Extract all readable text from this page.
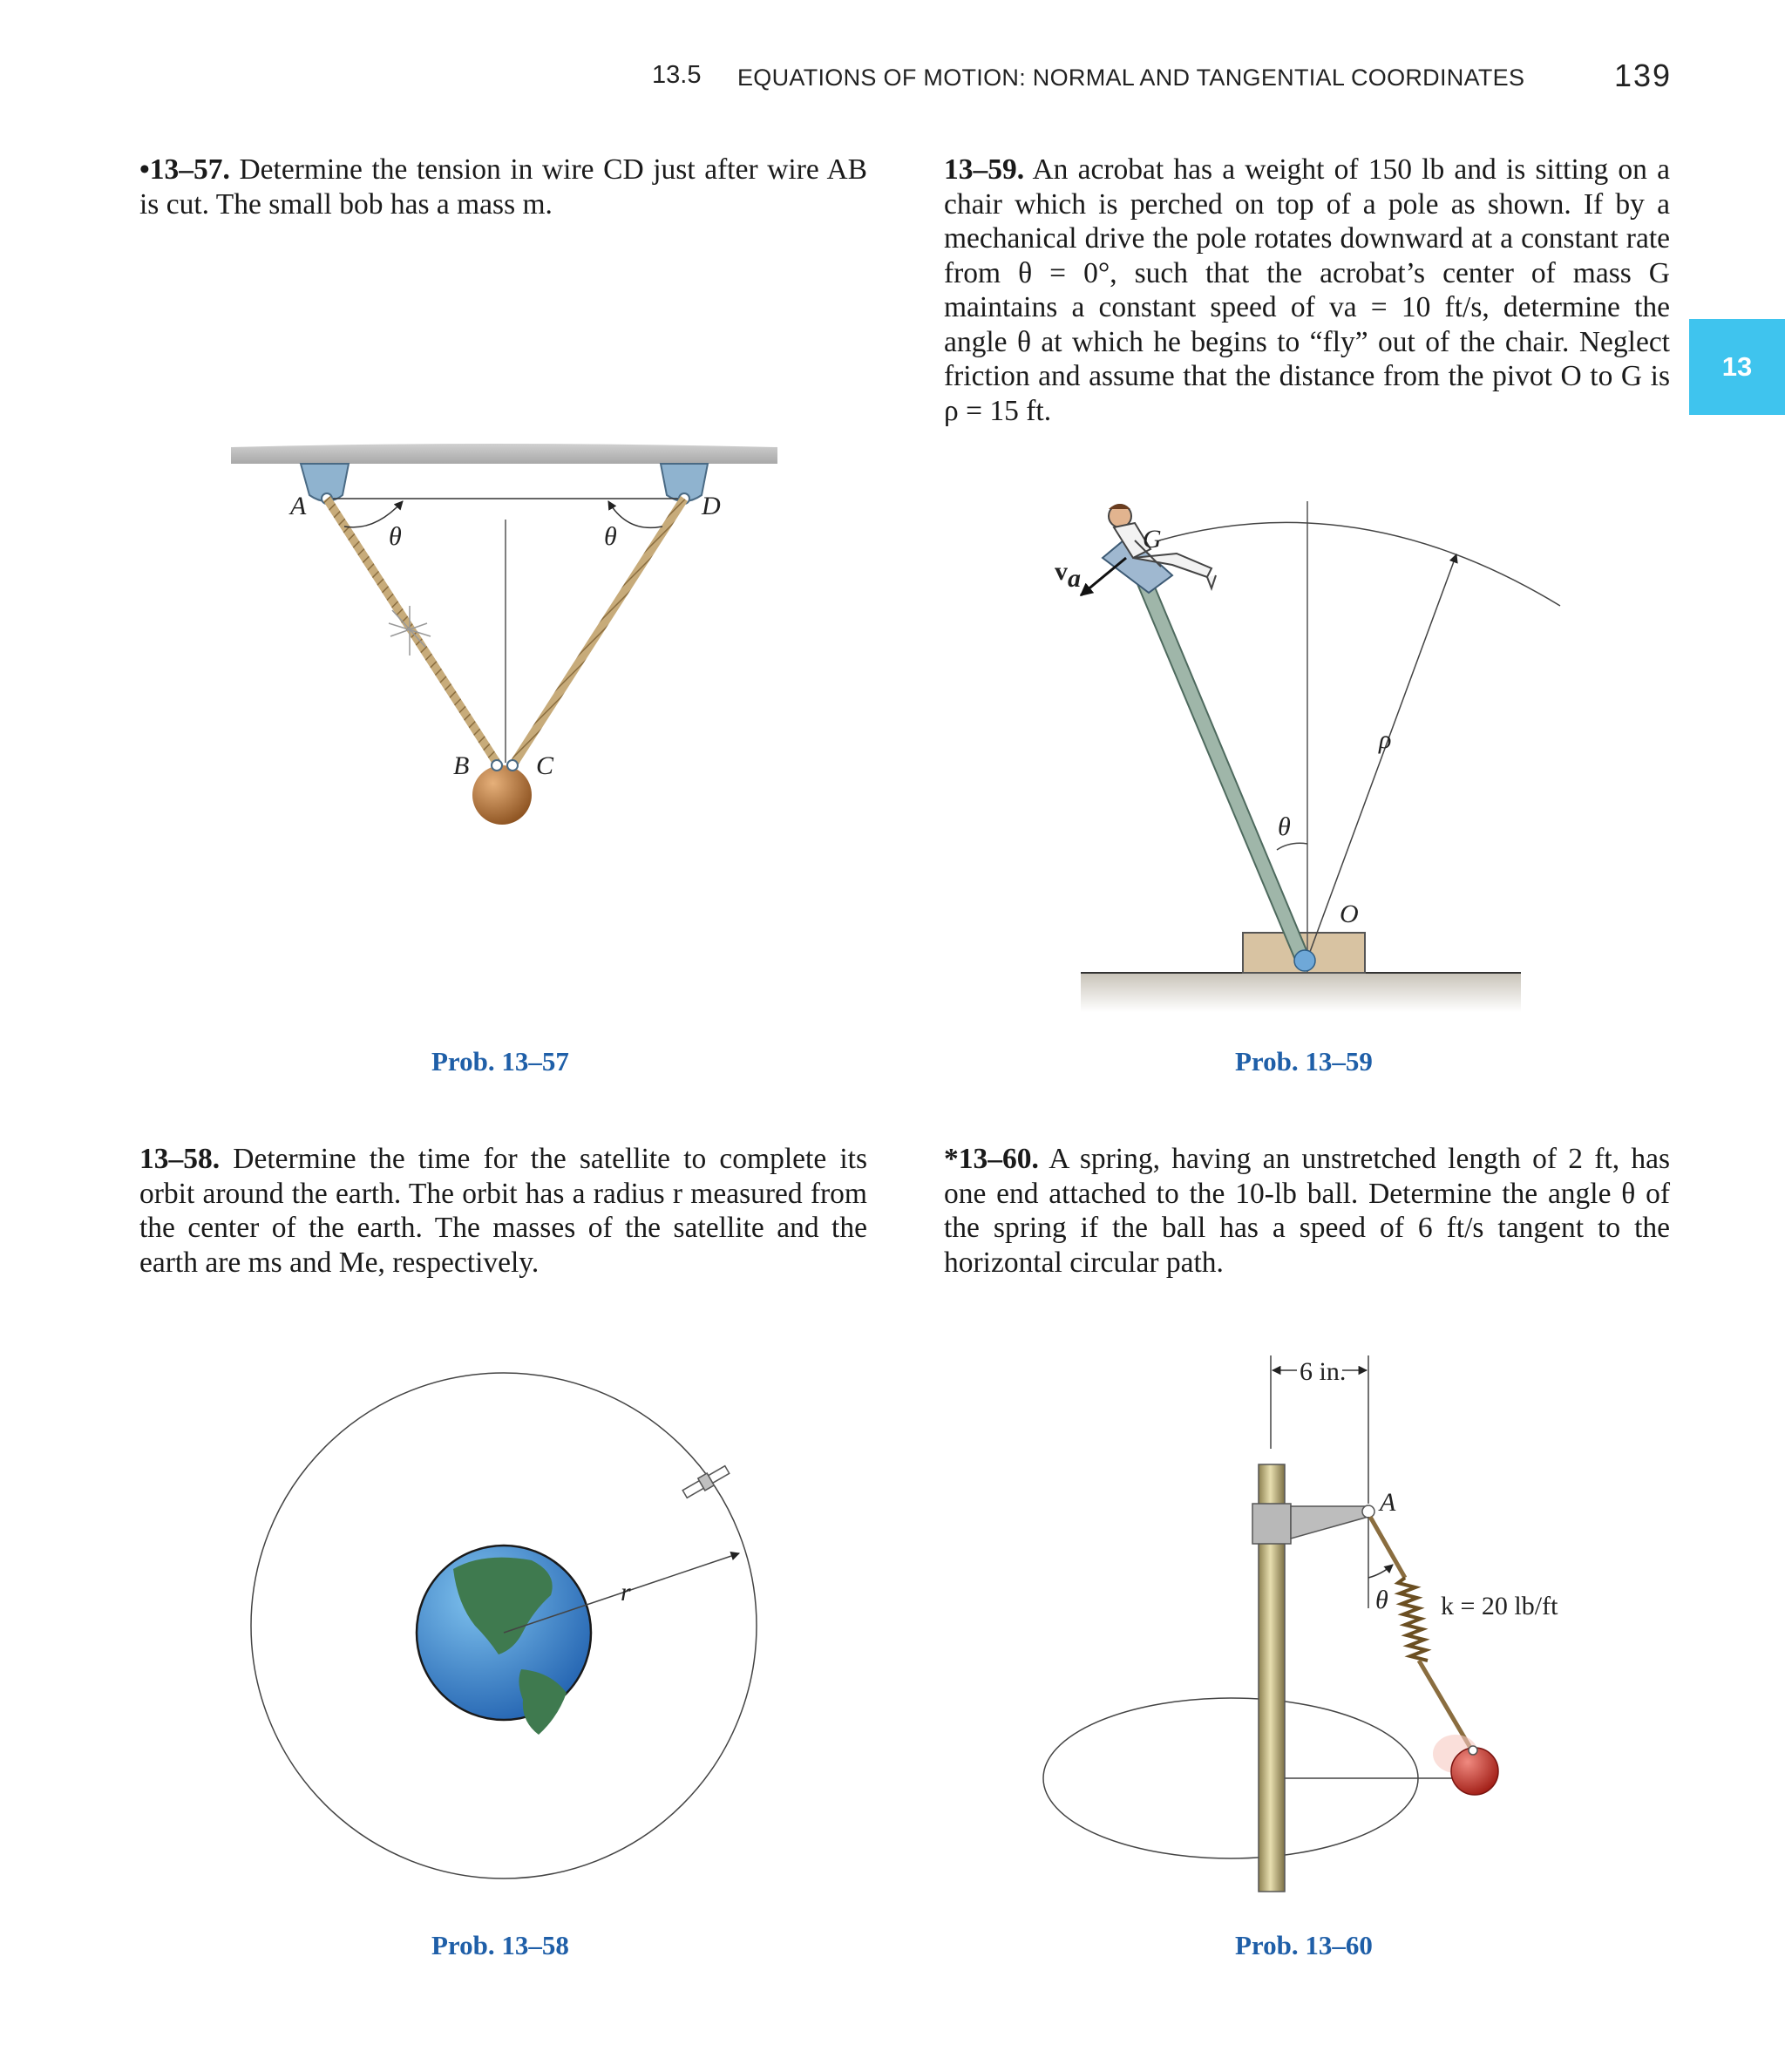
13.5 EQUATIONS OF MOTION: NORMAL AND TANGENTIAL COORDINATES	139
13
•13–57. Determine the tension in wire CD just after wire AB is cut. The small bob has a mass m.
13–59. An acrobat has a weight of 150 lb and is sitting on a chair which is perched on top of a pole as shown. If by a mechanical drive the pole rotates downward at a constant rate from θ = 0°, such that the acrobat’s center of mass G maintains a constant speed of va = 10 ft/s, determine the angle θ at which he begins to “fly” out of the chair. Neglect friction and assume that the distance from the pivot O to G is ρ = 15 ft.
13–58. Determine the time for the satellite to complete its orbit around the earth. The orbit has a radius r measured from the center of the earth. The masses of the satellite and the earth are ms and Me, respectively.
*13–60. A spring, having an unstretched length of 2 ft, has one end attached to the 10-lb ball. Determine the angle θ of the spring if the ball has a speed of 6 ft/s tangent to the horizontal circular path.
Prob. 13–57	Prob. 13–59
Prob. 13–58	Prob. 13–60
A	D
B	C
θ	θ	G
va
ρ
θ
O
r
6 in.
A
θ k = 20 lb/ft
